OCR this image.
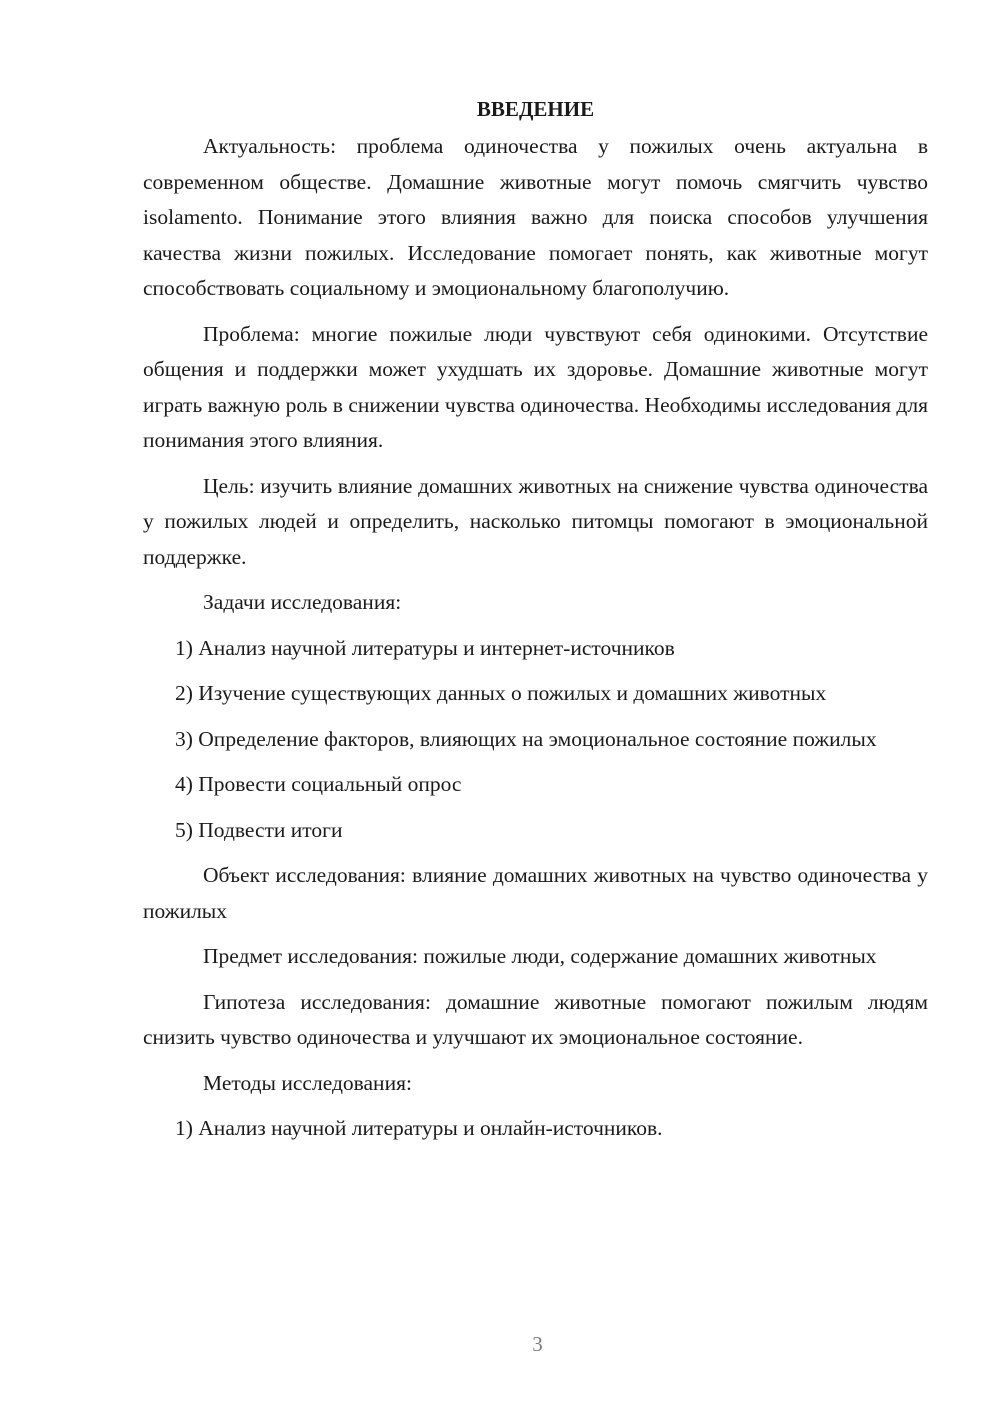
ВВЕДЕНИЕ

Актуальность: проблема одиночества у пожилых очень актуальна в современном обществе. Домашние животные могут помочь смягчить чувство isolamento. Понимание этого влияния важно для поиска способов улучшения качества жизни пожилых. Исследование помогает понять, как животные могут способствовать социальному и эмоциональному благополучию.

Проблема: многие пожилые люди чувствуют себя одинокими. Отсутствие общения и поддержки может ухудшать их здоровье. Домашние животные могут играть важную роль в снижении чувства одиночества. Необходимы исследования для понимания этого влияния.

Цель: изучить влияние домашних животных на снижение чувства одиночества у пожилых людей и определить, насколько питомцы помогают в эмоциональной поддержке.

Задачи исследования:

1) Анализ научной литературы и интернет-источников

2) Изучение существующих данных о пожилых и домашних животных

3) Определение факторов, влияющих на эмоциональное состояние пожилых

4) Провести социальный опрос

5) Подвести итоги

Объект исследования: влияние домашних животных на чувство одиночества у пожилых

Предмет исследования: пожилые люди, содержание домашних животных

Гипотеза исследования: домашние животные помогают пожилым людям снизить чувство одиночества и улучшают их эмоциональное состояние.

Методы исследования:

1) Анализ научной литературы и онлайн-источников.

3
